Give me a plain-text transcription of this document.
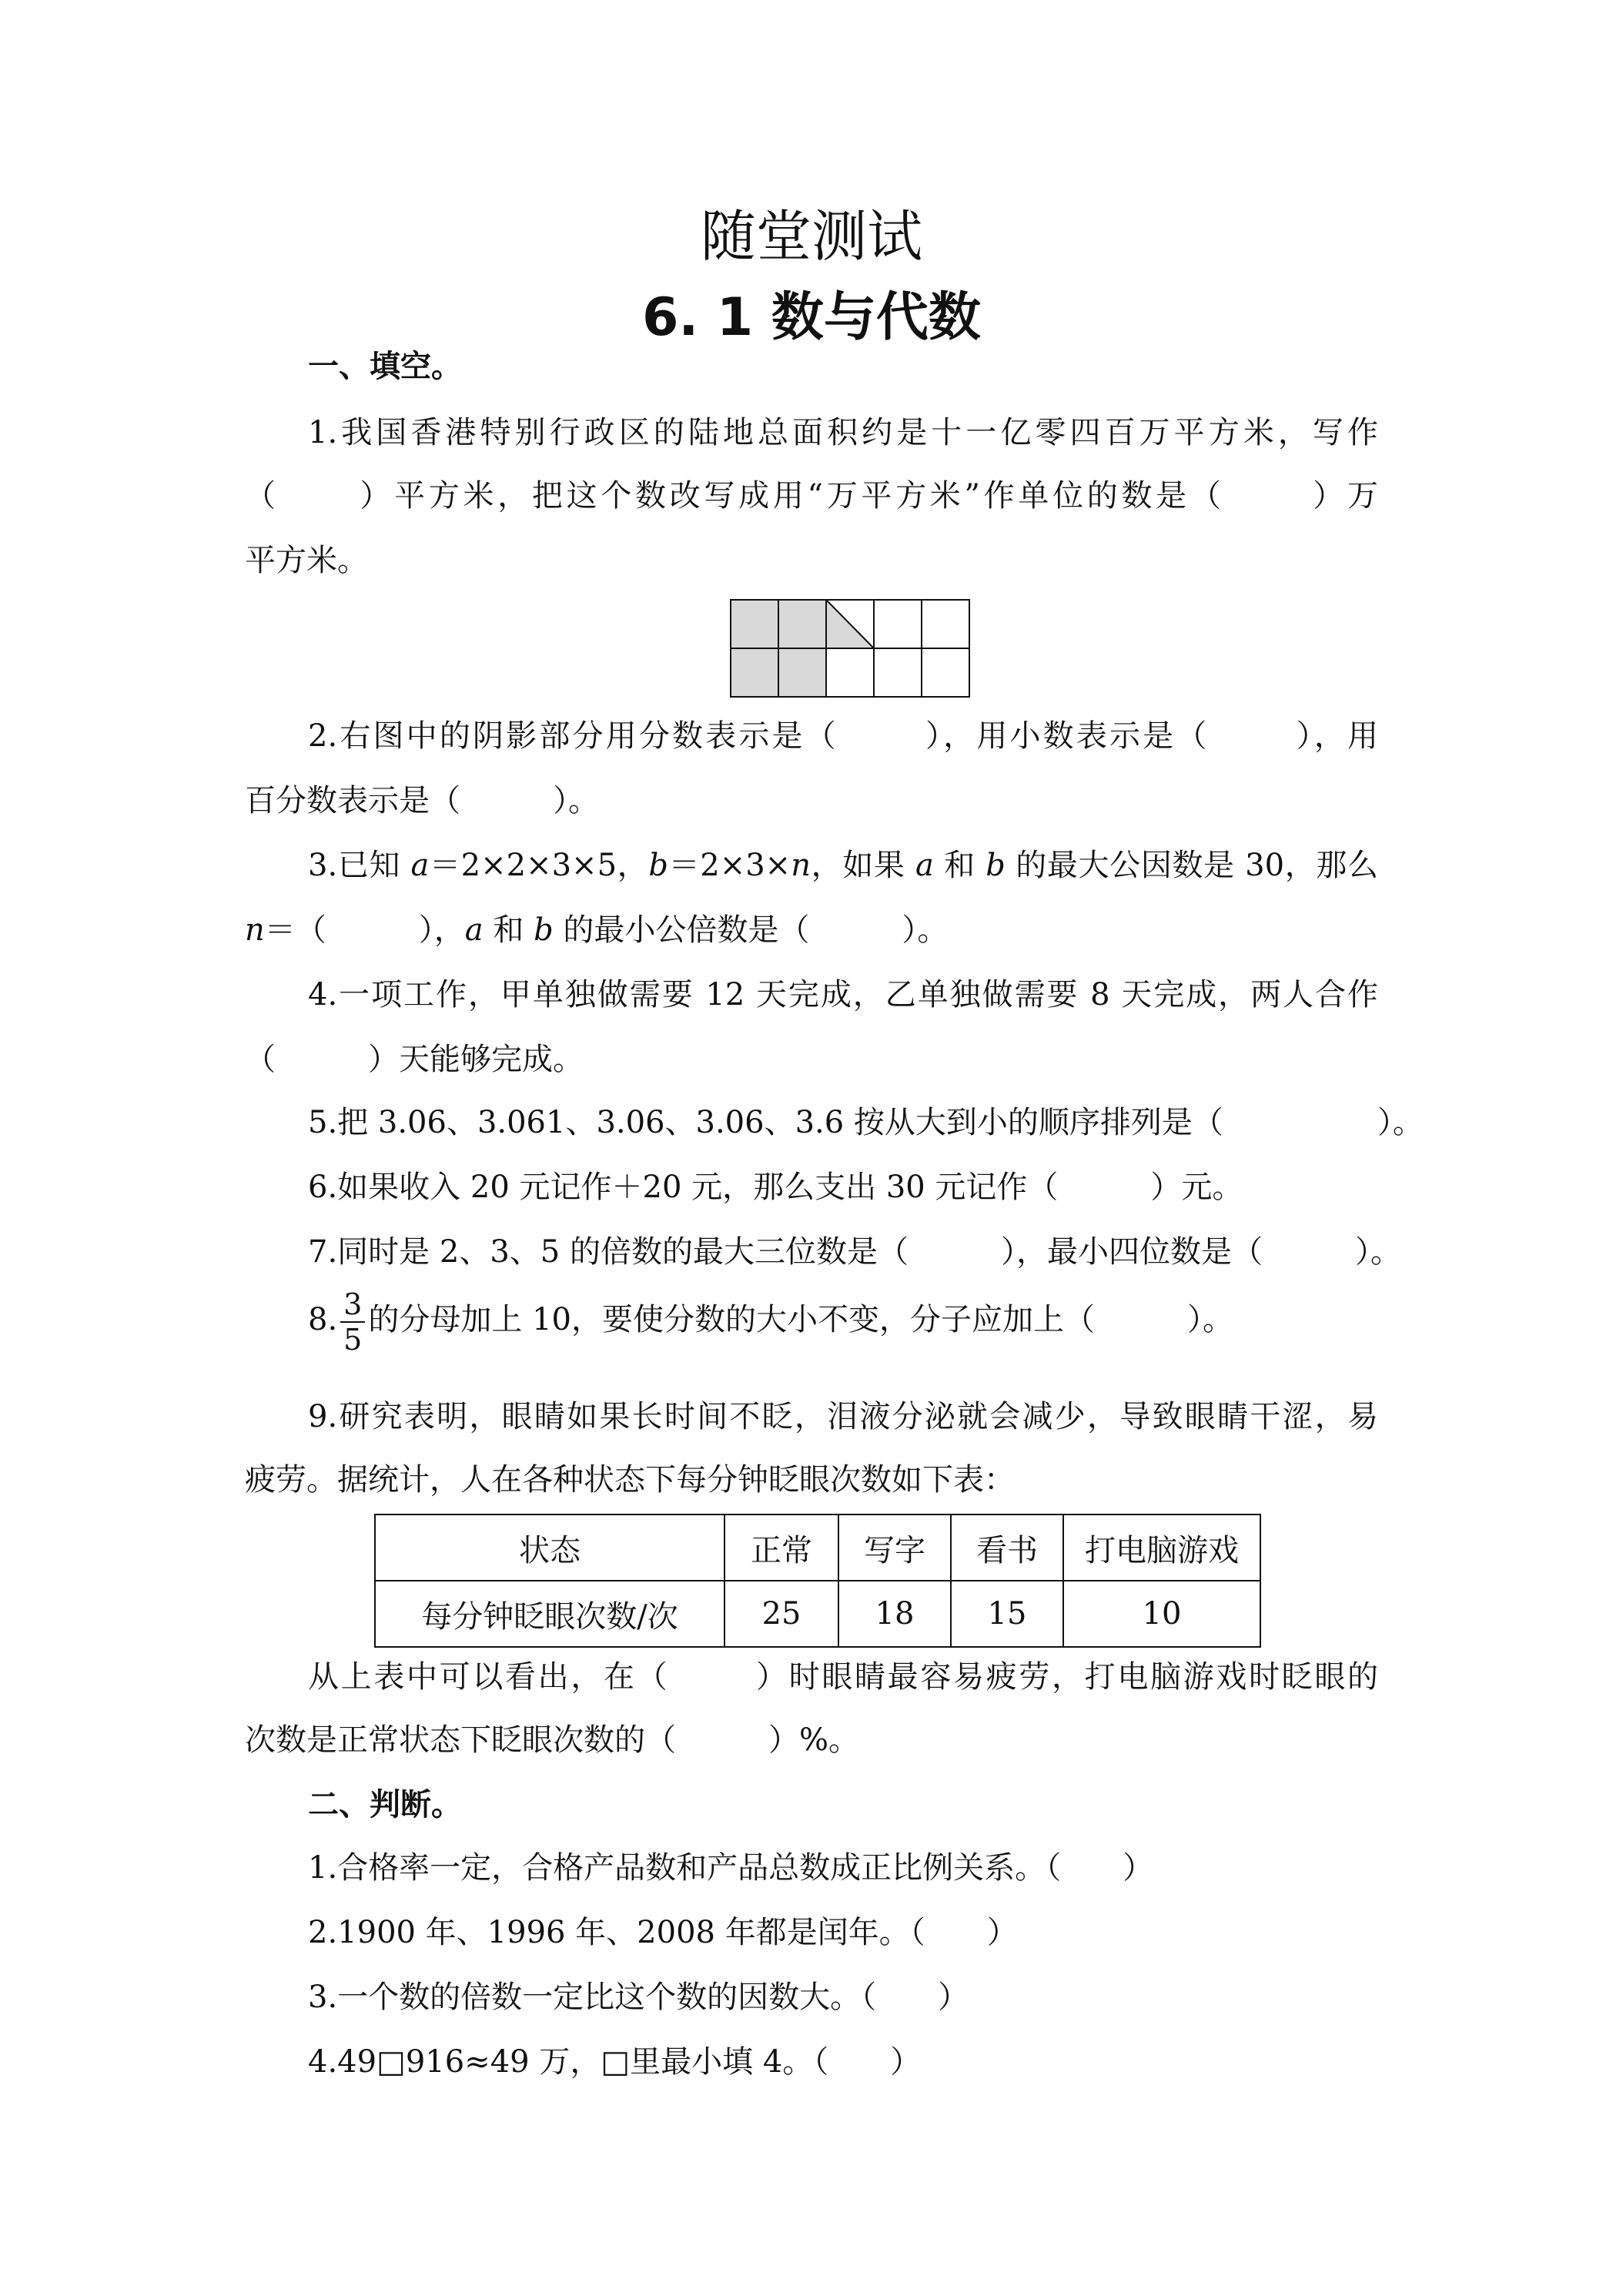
随堂测试
6. 1 数与代数
一、填空。
1.我国香港特别行政区的陆地总面积约是十一亿零四百万平方米，写作
（	）平方米，把这个数改写成用“万平方米”作单位的数是（	）万
平方米。
2.右图中的阴影部分用分数表示是（	），用小数表示是（	），用
百分数表示是（　　　）。
3.已知 a＝2×2×3×5，b＝2×3×n，如果 a 和 b 的最大公因数是 30，那么
n＝（　　　），a 和 b 的最小公倍数是（　　　）。
4.一项工作，甲单独做需要 12 天完成，乙单独做需要 8 天完成，两人合作
（　　　）天能够完成。
5.把 3.06、3.061、3.06、3.06、3.6 按从大到小的顺序排列是（　　　　　）。
6.如果收入 20 元记作＋20 元，那么支出 30 元记作（　　　）元。
7.同时是 2、3、5 的倍数的最大三位数是（　　　），最小四位数是（　　　）。
8. $\frac{3}{5}$ 的分母加上 10，要使分数的大小不变，分子应加上（　　　）。
9.研究表明，眼睛如果长时间不眨，泪液分泌就会减少，导致眼睛干涩，易
疲劳。据统计，人在各种状态下每分钟眨眼次数如下表：
状态	正常	写字	看书	打电脑游戏
每分钟眨眼次数/次	25	18	15	10
从上表中可以看出，在（	）时眼睛最容易疲劳，打电脑游戏时眨眼的
次数是正常状态下眨眼次数的（　　　）%。
二、判断。
1.合格率一定，合格产品数和产品总数成正比例关系。（　　）
2.1900 年、1996 年、2008 年都是闰年。（　　）
3.一个数的倍数一定比这个数的因数大。（　　）
4.49□916≈49 万，□里最小填 4。（　　）
